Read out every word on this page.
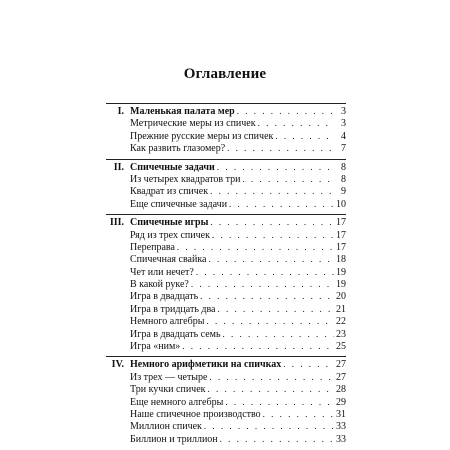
Оглавление
I. Маленькая палата мер . . .	3
Метрические меры из спичек . . .	3
Прежние русские меры из спичек . . .	4
Как развить глазомер? . . .	7
II. Спичечные задачи . . .	8
Из четырех квадратов три . . .	8
Квадрат из спичек . . .	9
Еще спичечные задачи . . .	10
III. Спичечные игры . . .	17
Ряд из трех спичек . . .	17
Переправа . . .	17
Спичечная свайка . . .	18
Чет или нечет? . . .	19
В какой руке? . . .	19
Игра в двадцать . . .	20
Игра в тридцать два . . .	21
Немного алгебры . . .	22
Игра в двадцать семь . . .	23
Игра «ним» . . .	25
IV. Немного арифметики на спичках . . .	27
Из трех — четыре . . .	27
Три кучки спичек . . .	28
Еще немного алгебры . . .	29
Наше спичечное производство . . .	31
Миллион спичек . . .	33
Биллион и триллион . . .	33
